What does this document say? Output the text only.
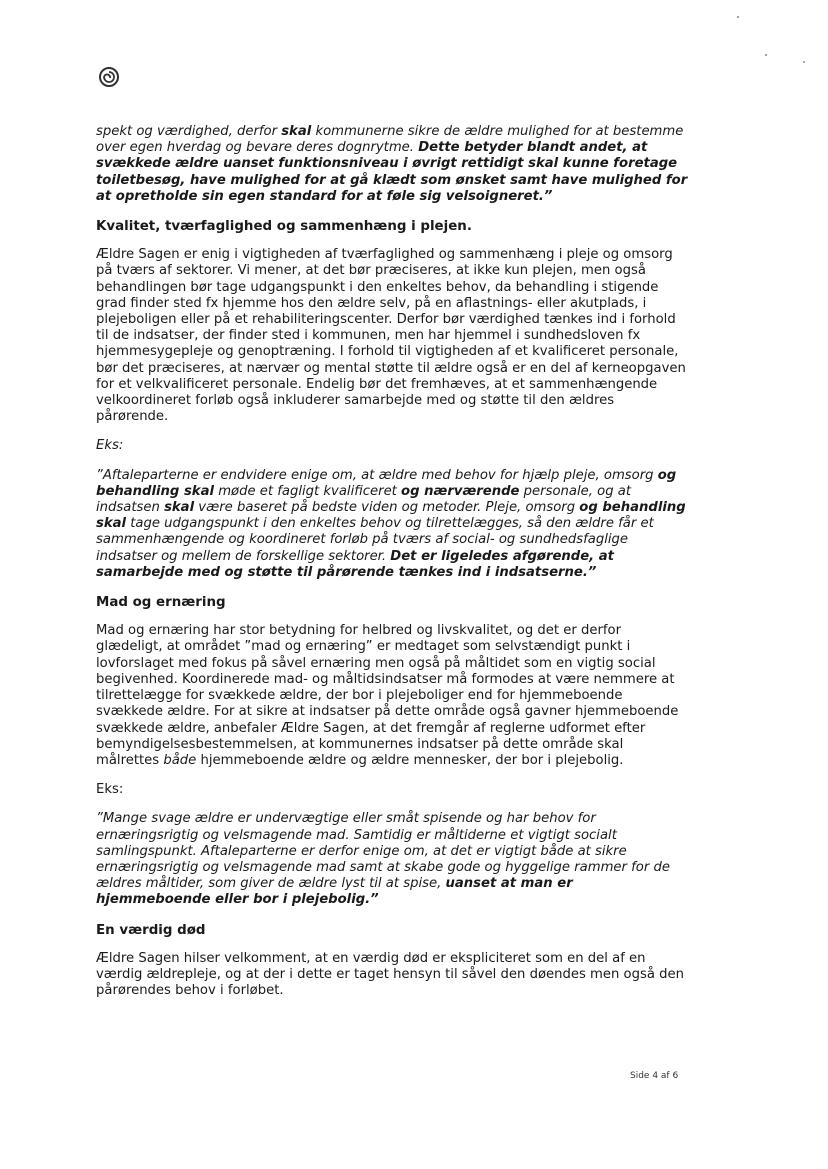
spekt og værdighed, derfor skal kommunerne sikre de ældre mulighed for at bestemme over egen hverdag og bevare deres dognrytme. Dette betyder blandt andet, at svækkede ældre uanset funktionsniveau i øvrigt rettidigt skal kunne foretage toiletbesøg, have mulighed for at gå klædt som ønsket samt have mulighed for at opretholde sin egen standard for at føle sig velsoigneret.”

Kvalitet, tværfaglighed og sammenhæng i plejen.

Ældre Sagen er enig i vigtigheden af tværfaglighed og sammenhæng i pleje og omsorg på tværs af sektorer. Vi mener, at det bør præciseres, at ikke kun plejen, men også behandlingen bør tage udgangspunkt i den enkeltes behov, da behandling i stigende grad finder sted fx hjemme hos den ældre selv, på en aflastnings- eller akutplads, i plejeboligen eller på et rehabiliteringscenter. Derfor bør værdighed tænkes ind i forhold til de indsatser, der finder sted i kommunen, men har hjemmel i sundhedsloven fx hjemmesygepleje og genoptræning. I forhold til vigtigheden af et kvalificeret personale, bør det præciseres, at nærvær og mental støtte til ældre også er en del af kerneopgaven for et velkvalificeret personale. Endelig bør det fremhæves, at et sammenhængende velkoordineret forløb også inkluderer samarbejde med og støtte til den ældres pårørende.

Eks:

”Aftaleparterne er endvidere enige om, at ældre med behov for hjælp pleje, omsorg og behandling skal møde et fagligt kvalificeret og nærværende personale, og at indsatsen skal være baseret på bedste viden og metoder. Pleje, omsorg og behandling skal tage udgangspunkt i den enkeltes behov og tilrettelægges, så den ældre får et sammenhængende og koordineret forløb på tværs af social- og sundhedsfaglige indsatser og mellem de forskellige sektorer. Det er ligeledes afgørende, at samarbejde med og støtte til pårørende tænkes ind i indsatserne.”

Mad og ernæring

Mad og ernæring har stor betydning for helbred og livskvalitet, og det er derfor glædeligt, at området ”mad og ernæring” er medtaget som selvstændigt punkt i lovforslaget med fokus på såvel ernæring men også på måltidet som en vigtig social begivenhed. Koordinerede mad- og måltidsindsatser må formodes at være nemmere at tilrettelægge for svækkede ældre, der bor i plejeboliger end for hjemmeboende svækkede ældre. For at sikre at indsatser på dette område også gavner hjemmeboende svækkede ældre, anbefaler Ældre Sagen, at det fremgår af reglerne udformet efter bemyndigelsesbestemmelsen, at kommunernes indsatser på dette område skal målrettes både hjemmeboende ældre og ældre mennesker, der bor i plejebolig.

Eks:

”Mange svage ældre er undervægtige eller småt spisende og har behov for ernæringsrigtig og velsmagende mad. Samtidig er måltiderne et vigtigt socialt samlingspunkt. Aftaleparterne er derfor enige om, at det er vigtigt både at sikre ernæringsrigtig og velsmagende mad samt at skabe gode og hyggelige rammer for de ældres måltider, som giver de ældre lyst til at spise, uanset at man er hjemmeboende eller bor i plejebolig.”

En værdig død

Ældre Sagen hilser velkomment, at en værdig død er ekspliciteret som en del af en værdig ældrepleje, og at der i dette er taget hensyn til såvel den døendes men også den pårørendes behov i forløbet.

Side 4 af 6
